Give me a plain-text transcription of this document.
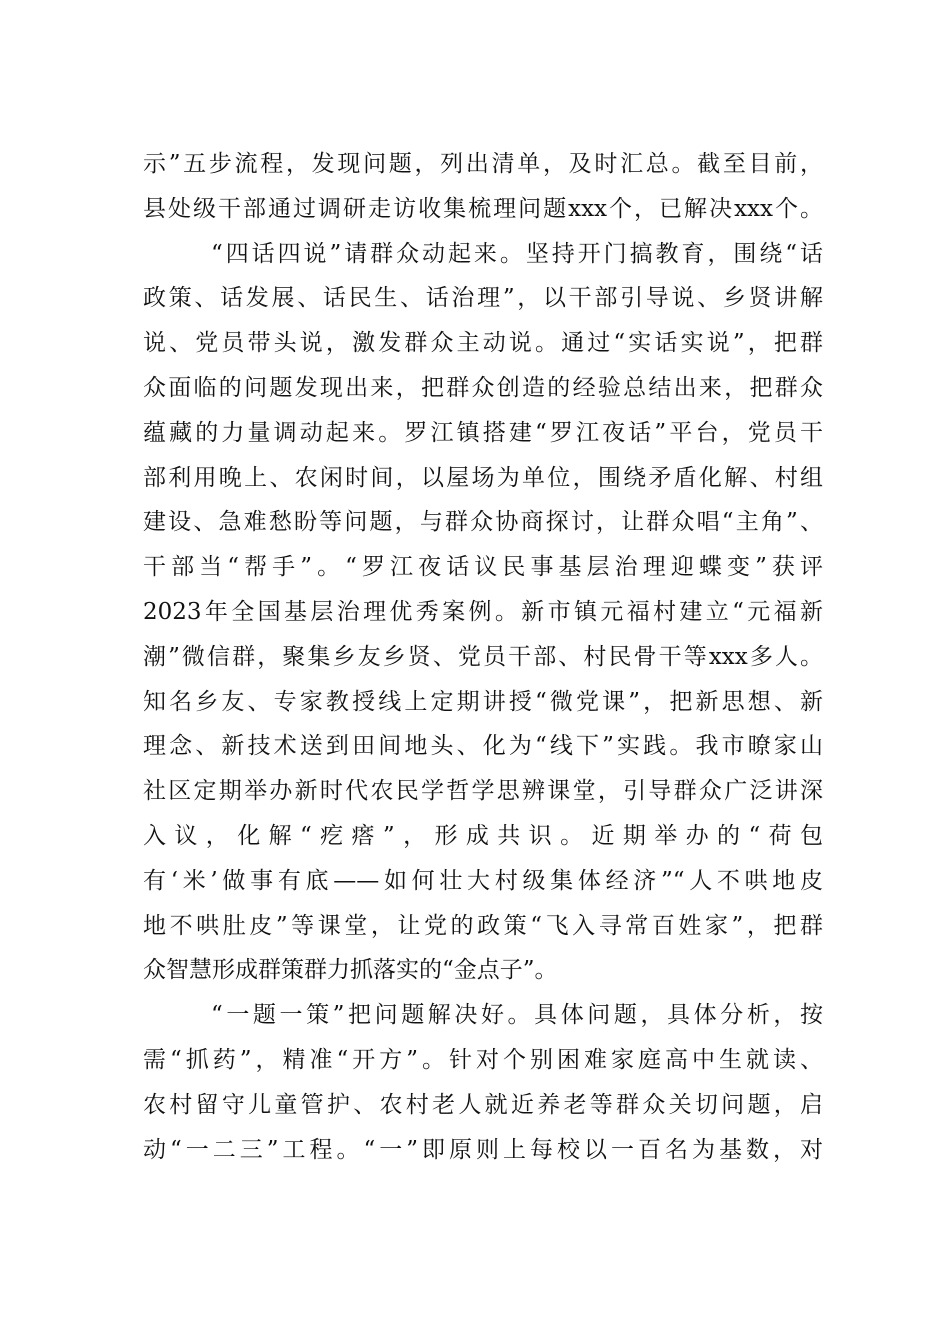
示”五步流程，发现问题，列出清单，及时汇总。截至目前，
县处级干部通过调研走访收集梳理问题xxx个，已解决xxx个。
“四话四说”请群众动起来。坚持开门搞教育，围绕“话
政策、话发展、话民生、话治理”，以干部引导说、乡贤讲解
说、党员带头说，激发群众主动说。通过“实话实说”，把群
众面临的问题发现出来，把群众创造的经验总结出来，把群众
蕴藏的力量调动起来。罗江镇搭建“罗江夜话”平台，党员干
部利用晚上、农闲时间，以屋场为单位，围绕矛盾化解、村组
建设、急难愁盼等问题，与群众协商探讨，让群众唱“主角”、
干部当“帮手”。“罗江夜话议民事基层治理迎蝶变”获评
2023年全国基层治理优秀案例。新市镇元福村建立“元福新
潮”微信群，聚集乡友乡贤、党员干部、村民骨干等xxx多人。
知名乡友、专家教授线上定期讲授“微党课”，把新思想、新
理念、新技术送到田间地头、化为“线下”实践。我市暸家山
社区定期举办新时代农民学哲学思辨课堂，引导群众广泛讲深
入议，化解“疙瘩”，形成共识。近期举办的“荷包
有‘米’做事有底——如何壮大村级集体经济”“人不哄地皮
地不哄肚皮”等课堂，让党的政策“飞入寻常百姓家”，把群
众智慧形成群策群力抓落实的“金点子”。
“一题一策”把问题解决好。具体问题，具体分析，按
需“抓药”，精准“开方”。针对个别困难家庭高中生就读、
农村留守儿童管护、农村老人就近养老等群众关切问题，启
动“一二三”工程。“一”即原则上每校以一百名为基数，对
